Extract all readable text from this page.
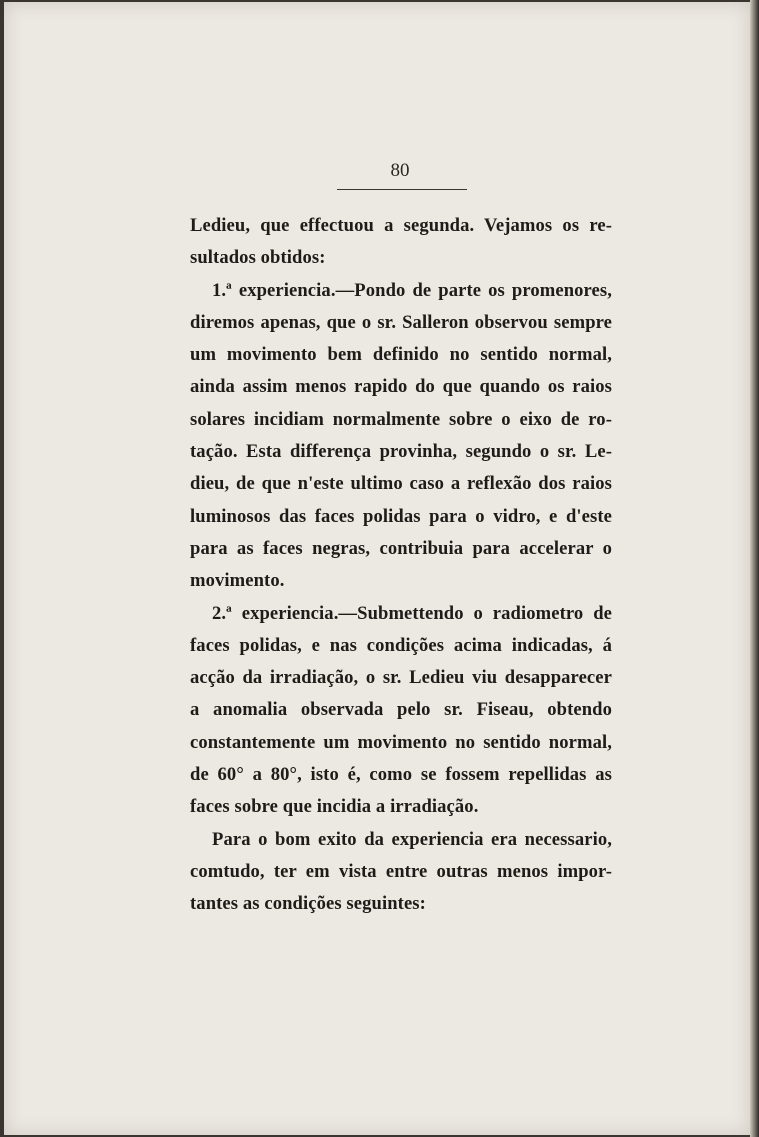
80

Ledieu, que effectuou a segunda. Vejamos os re-

sultados obtidos:

1.ª experiencia.—Pondo de parte os promenores,

diremos apenas, que o sr. Salleron observou sempre

um movimento bem definido no sentido normal,

ainda assim menos rapido do que quando os raios

solares incidiam normalmente sobre o eixo de ro-

tação. Esta differença provinha, segundo o sr. Le-

dieu, de que n'este ultimo caso a reflexão dos raios

luminosos das faces polidas para o vidro, e d'este

para as faces negras, contribuia para accelerar o

movimento.

2.ª experiencia.—Submettendo o radiometro de

faces polidas, e nas condições acima indicadas, á

acção da irradiação, o sr. Ledieu viu desapparecer

a anomalia observada pelo sr. Fiseau, obtendo

constantemente um movimento no sentido normal,

de 60° a 80°, isto é, como se fossem repellidas as

faces sobre que incidia a irradiação.

Para o bom exito da experiencia era necessario,

comtudo, ter em vista entre outras menos impor-

tantes as condições seguintes:
